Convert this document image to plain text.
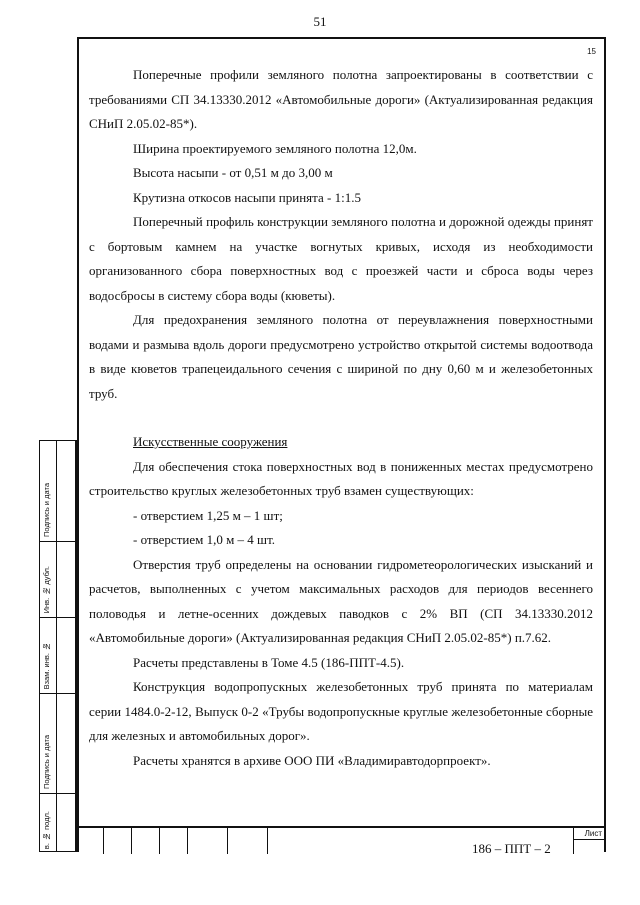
51
15

Поперечные профили земляного полотна запроектированы в соответствии с требованиями СП 34.13330.2012 «Автомобильные дороги» (Актуализированная редакция СНиП 2.05.02-85*).

Ширина проектируемого земляного полотна 12,0м.

Высота насыпи - от 0,51 м до 3,00 м

Крутизна откосов насыпи принята - 1:1.5

Поперечный профиль конструкции земляного полотна и дорожной одежды принят с бортовым камнем на участке вогнутых кривых, исходя из необходимости организованного сбора поверхностных вод с проезжей части и сброса воды через водосбросы в систему сбора воды (кюветы).

Для предохранения земляного полотна от переувлажнения поверхностными водами и размыва вдоль дороги предусмотрено устройство открытой системы водоотвода в виде кюветов трапецеидального сечения с шириной по дну 0,60 м и железобетонных труб.

Искусственные сооружения

Для обеспечения стока поверхностных вод в пониженных местах предусмотрено строительство круглых железобетонных труб взамен существующих:

- отверстием 1,25 м – 1 шт;

- отверстием 1,0 м – 4 шт.

Отверстия труб определены на основании гидрометеорологических изысканий и расчетов, выполненных с учетом максимальных расходов для периодов весеннего половодья и летне-осенних дождевых паводков с 2% ВП (СП 34.13330.2012 «Автомобильные дороги» (Актуализированная редакция СНиП 2.05.02-85*) п.7.62.

Расчеты представлены в Томе 4.5 (186-ППТ-4.5).

Конструкция водопропускных железобетонных труб принята по материалам серии 1484.0-2-12, Выпуск 0-2 «Трубы водопропускные круглые железобетонные сборные для железных и автомобильных дорог».

Расчеты хранятся в архиве ООО ПИ «Владимиравтодорпроект».

Подпись и дата
Инв. № дубл.
Взам. инв. №
Подпись и дата
в. № подл.	186 – ППТ – 2
Лист
